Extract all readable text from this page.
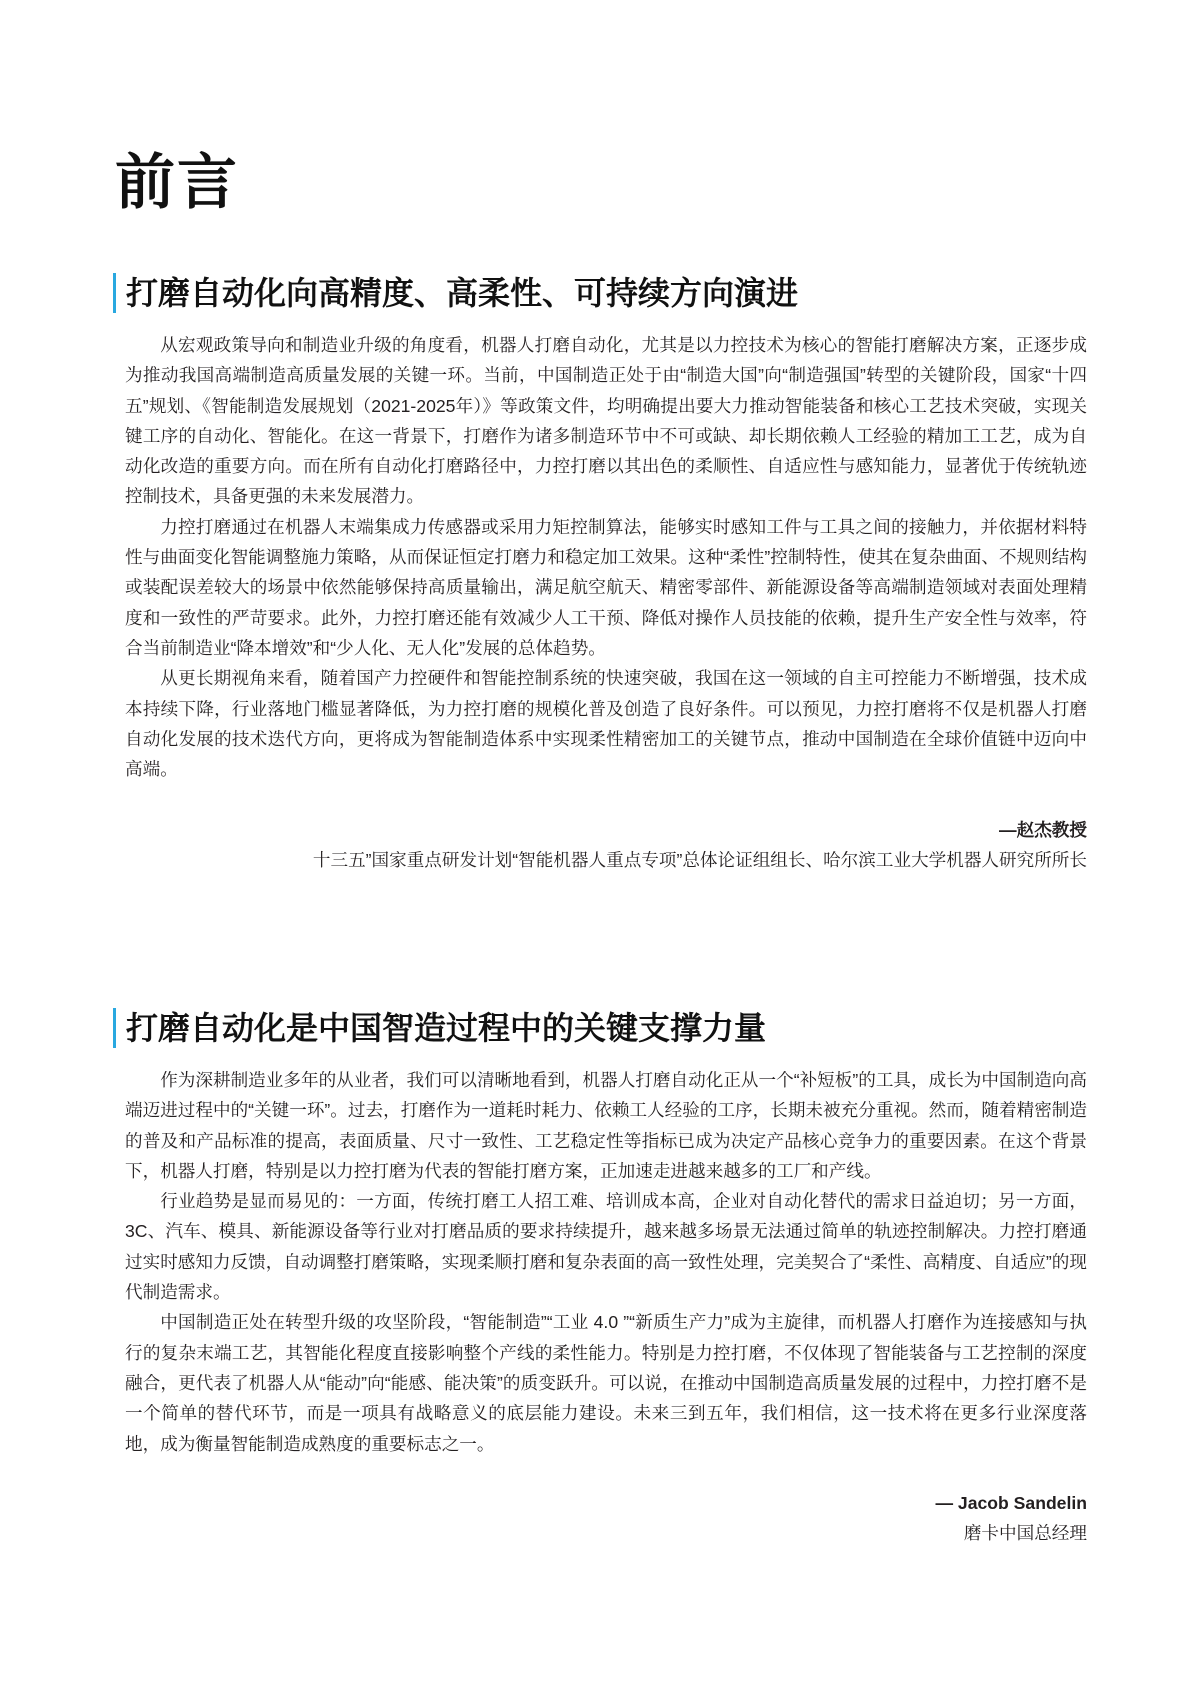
前言
打磨自动化向高精度、高柔性、可持续方向演进

从宏观政策导向和制造业升级的角度看，机器人打磨自动化，尤其是以力控技术为核心的智能打磨解决方案，正逐步成为推动我国高端制造高质量发展的关键一环。当前，中国制造正处于由“制造大国”向“制造强国”转型的关键阶段，国家“十四五”规划、《智能制造发展规划（2021-2025年）》等政策文件，均明确提出要大力推动智能装备和核心工艺技术突破，实现关键工序的自动化、智能化。在这一背景下，打磨作为诸多制造环节中不可或缺、却长期依赖人工经验的精加工工艺，成为自动化改造的重要方向。而在所有自动化打磨路径中，力控打磨以其出色的柔顺性、自适应性与感知能力，显著优于传统轨迹控制技术，具备更强的未来发展潜力。

力控打磨通过在机器人末端集成力传感器或采用力矩控制算法，能够实时感知工件与工具之间的接触力，并依据材料特性与曲面变化智能调整施力策略，从而保证恒定打磨力和稳定加工效果。这种“柔性”控制特性，使其在复杂曲面、不规则结构或装配误差较大的场景中依然能够保持高质量输出，满足航空航天、精密零部件、新能源设备等高端制造领域对表面处理精度和一致性的严苛要求。此外，力控打磨还能有效减少人工干预、降低对操作人员技能的依赖，提升生产安全性与效率，符合当前制造业“降本增效”和“少人化、无人化”发展的总体趋势。

从更长期视角来看，随着国产力控硬件和智能控制系统的快速突破，我国在这一领域的自主可控能力不断增强，技术成本持续下降，行业落地门槛显著降低，为力控打磨的规模化普及创造了良好条件。可以预见，力控打磨将不仅是机器人打磨自动化发展的技术迭代方向，更将成为智能制造体系中实现柔性精密加工的关键节点，推动中国制造在全球价值链中迈向中高端。

—赵杰教授
十三五”国家重点研发计划“智能机器人重点专项”总体论证组组长、哈尔滨工业大学机器人研究所所长
打磨自动化是中国智造过程中的关键支撑力量

作为深耕制造业多年的从业者，我们可以清晰地看到，机器人打磨自动化正从一个“补短板”的工具，成长为中国制造向高端迈进过程中的“关键一环”。过去，打磨作为一道耗时耗力、依赖工人经验的工序，长期未被充分重视。然而，随着精密制造的普及和产品标准的提高，表面质量、尺寸一致性、工艺稳定性等指标已成为决定产品核心竞争力的重要因素。在这个背景下，机器人打磨，特别是以力控打磨为代表的智能打磨方案，正加速走进越来越多的工厂和产线。

行业趋势是显而易见的：一方面，传统打磨工人招工难、培训成本高，企业对自动化替代的需求日益迫切；另一方面，3C、汽车、模具、新能源设备等行业对打磨品质的要求持续提升，越来越多场景无法通过简单的轨迹控制解决。力控打磨通过实时感知力反馈，自动调整打磨策略，实现柔顺打磨和复杂表面的高一致性处理，完美契合了“柔性、高精度、自适应”的现代制造需求。

中国制造正处在转型升级的攻坚阶段，“智能制造”“工业 4.0 ”“新质生产力”成为主旋律，而机器人打磨作为连接感知与执行的复杂末端工艺，其智能化程度直接影响整个产线的柔性能力。特别是力控打磨，不仅体现了智能装备与工艺控制的深度融合，更代表了机器人从“能动”向“能感、能决策”的质变跃升。可以说，在推动中国制造高质量发展的过程中，力控打磨不是一个简单的替代环节，而是一项具有战略意义的底层能力建设。未来三到五年，我们相信，这一技术将在更多行业深度落地，成为衡量智能制造成熟度的重要标志之一。

— Jacob Sandelin
磨卡中国总经理
